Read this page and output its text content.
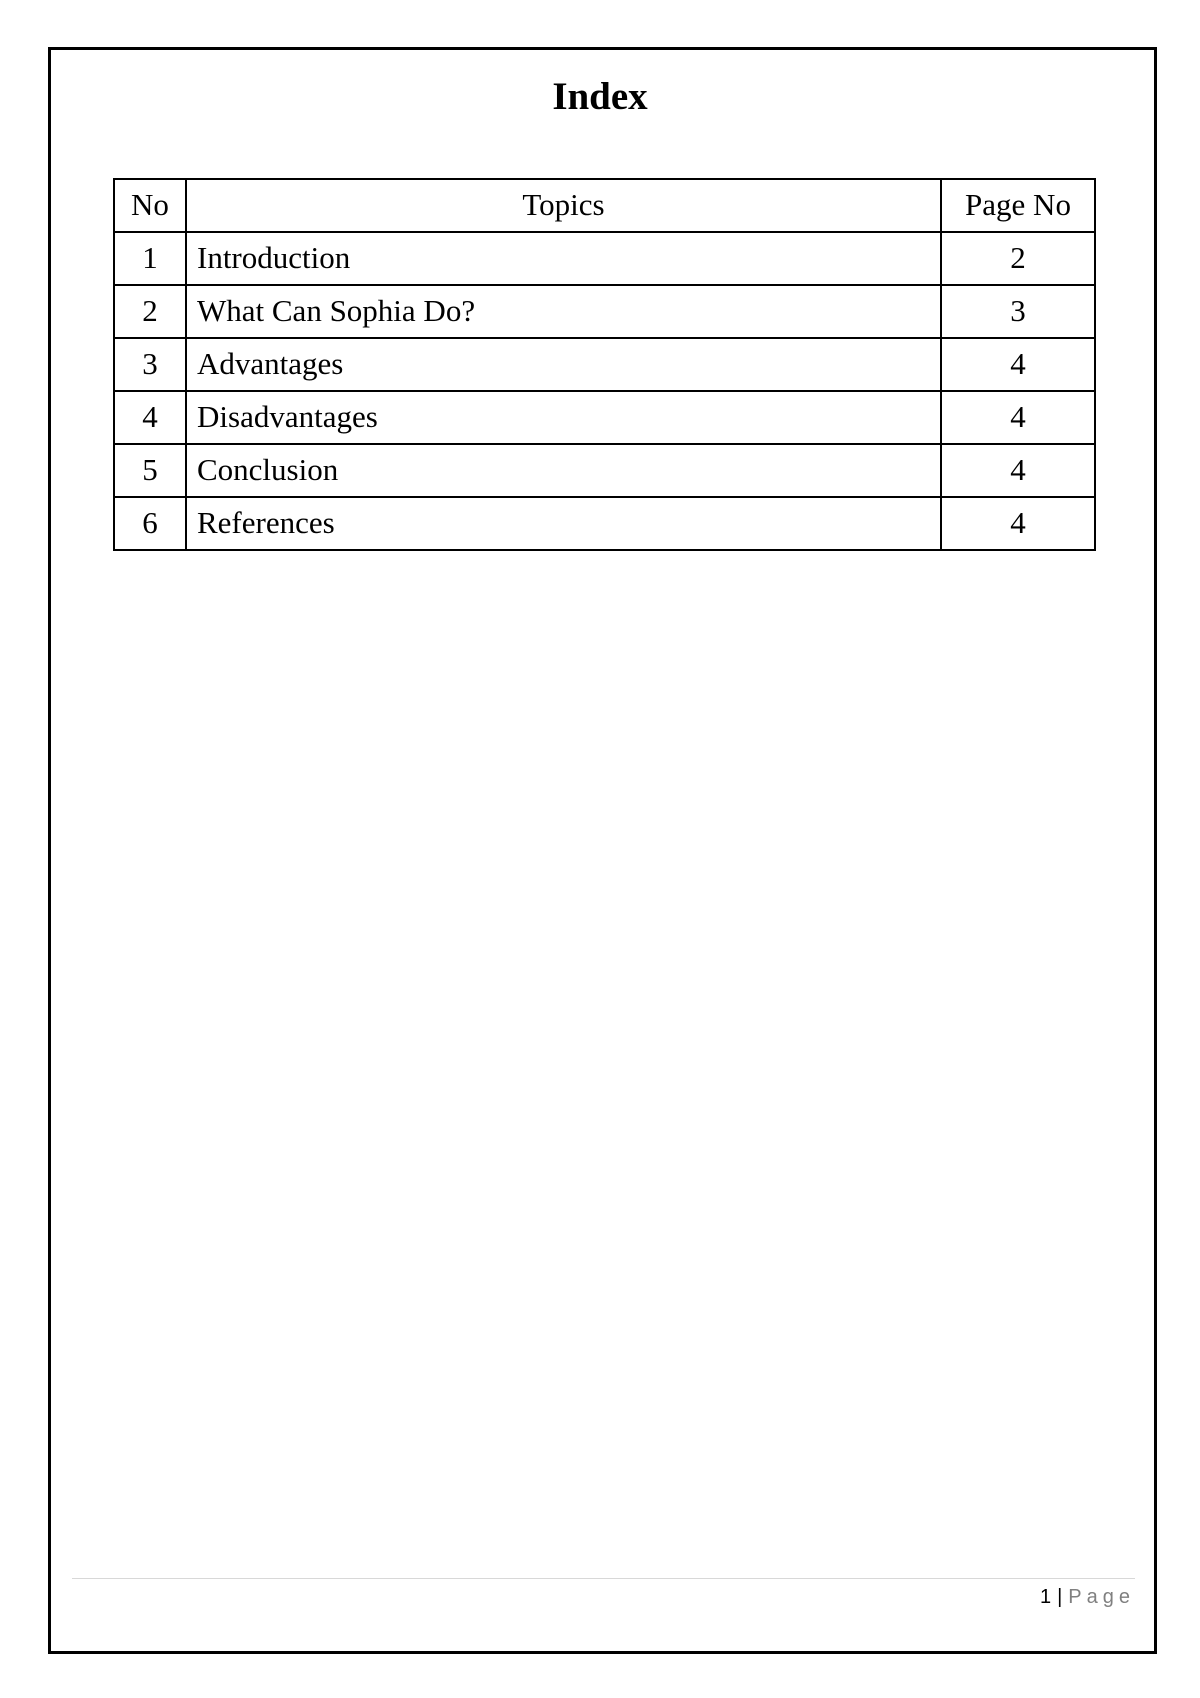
Index
No	Topics	Page No
1	Introduction	2
2	What Can Sophia Do?	3
3	Advantages	4
4	Disadvantages	4
5	Conclusion	4
6	References	4
1 | Page
